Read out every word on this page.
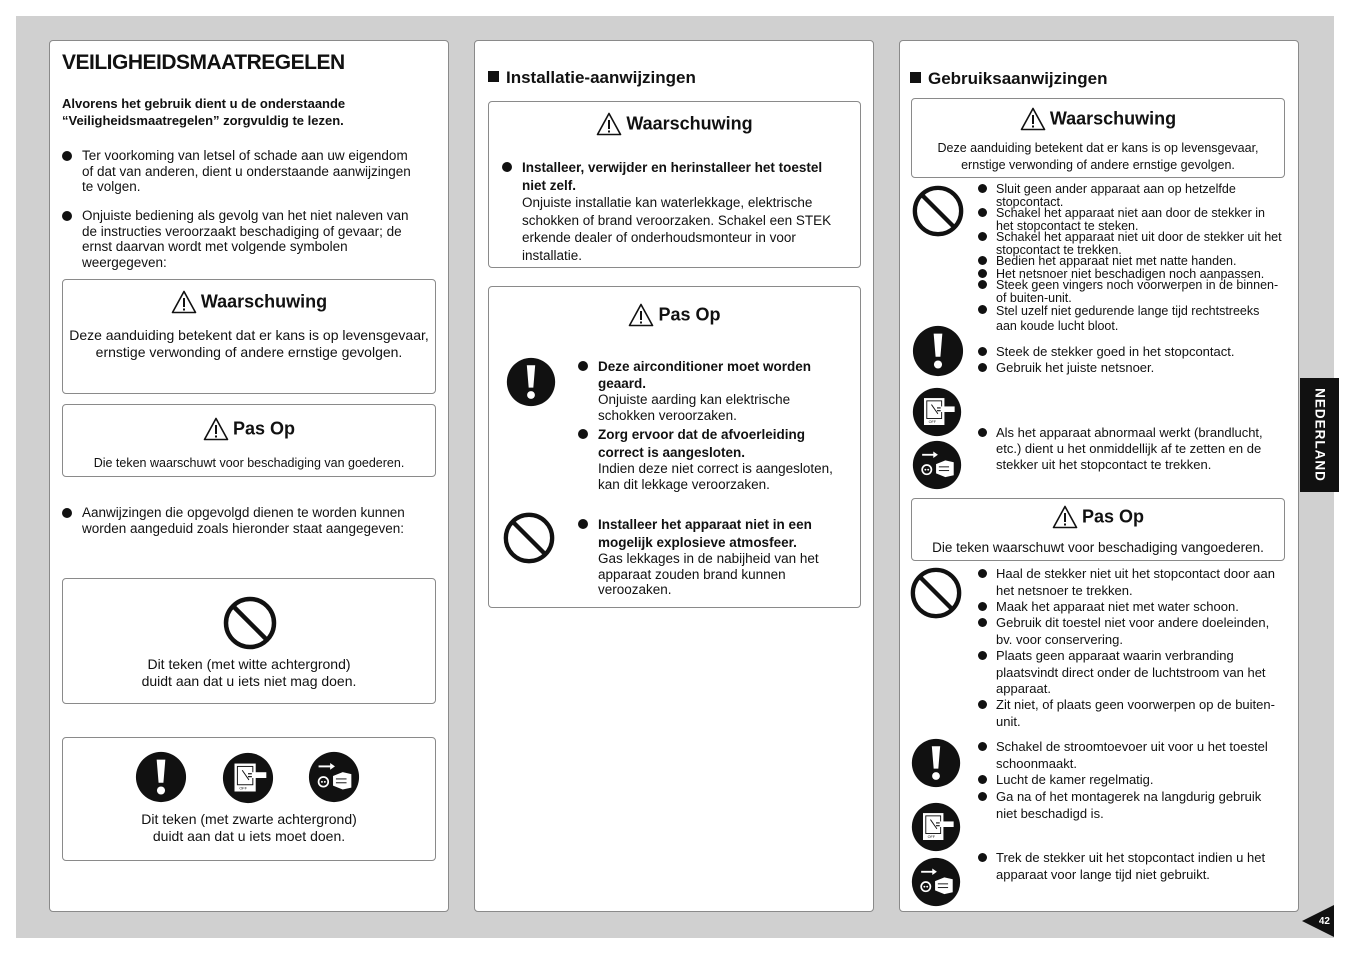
VEILIGHEIDSMAATREGELEN

Alvorens het gebruik dient u de onderstaande “Veiligheidsmaatregelen” zorgvuldig te lezen.

Ter voorkoming van letsel of schade aan uw eigendom of dat van anderen, dient u onderstaande aanwijzingen te volgen.
Onjuiste bediening als gevolg van het niet naleven van de instructies veroorzaakt beschadiging of gevaar; de ernst daarvan wordt met volgende symbolen weergegeven:
Waarschuwing
Deze aanduiding betekent dat er kans is op levensgevaar, ernstige verwonding of andere ernstige gevolgen.
Pas Op
Die teken waarschuwt voor beschadiging van goederen.
Aanwijzingen die opgevolgd dienen te worden kunnen worden aangeduid zoals hieronder staat aangegeven:
Dit teken (met witte achtergrond)
duidt aan dat u iets niet mag doen.
Dit teken (met zwarte achtergrond)
duidt aan dat u iets moet doen.
Installatie-aanwijzingen
Waarschuwing
Installeer, verwijder en herinstalleer het toestel niet zelf.
Onjuiste installatie kan waterlekkage, elektrische schokken of brand veroorzaken. Schakel een STEK erkende dealer of onderhoudsmonteur in voor installatie.
Pas Op
Deze airconditioner moet worden geaard.
Onjuiste aarding kan elektrische schokken veroorzaken.
Zorg ervoor dat de afvoerleiding correct is aangesloten.
Indien deze niet correct is aangesloten, kan dit lekkage veroorzaken.
Installeer het apparaat niet in een mogelijk explosieve atmosfeer.
Gas lekkages in de nabijheid van het apparaat zouden brand kunnen veroozaken.
Gebruiksaanwijzingen
Waarschuwing
Deze aanduiding betekent dat er kans is op levensgevaar, ernstige verwonding of andere ernstige gevolgen.
Sluit geen ander apparaat aan op hetzelfde stopcontact.
Schakel het apparaat niet aan door de stekker in het stopcontact te steken.
Schakel het apparaat niet uit door de stekker uit het stopcontact te trekken.
Bedien het apparaat niet met natte handen.
Het netsnoer niet beschadigen noch aanpassen.
Steek geen vingers noch voorwerpen in de binnen- of buiten-unit.
Stel uzelf niet gedurende lange tijd rechtstreeks aan koude lucht bloot.
Steek de stekker goed in het stopcontact.
Gebruik het juiste netsnoer.
Als het apparaat abnormaal werkt (brandlucht, etc.) dient u het onmiddellijk af te zetten en de stekker uit het stopcontact te trekken.
Pas Op
Die teken waarschuwt voor beschadiging vangoederen.
Haal de stekker niet uit het stopcontact door aan het netsnoer te trekken.
Maak het apparaat niet met water schoon.
Gebruik dit toestel niet voor andere doeleinden, bv. voor conservering.
Plaats geen apparaat waarin verbranding plaatsvindt direct onder de luchtstroom van het apparaat.
Zit niet, of plaats geen voorwerpen op de buiten-unit.
Schakel de stroomtoevoer uit voor u het toestel schoonmaakt.
Lucht de kamer regelmatig.
Ga na of het montagerek na langdurig gebruik niet beschadigd is.
Trek de stekker uit het stopcontact indien u het apparaat voor lange tijd niet gebruikt.
NEDERLAND
42
